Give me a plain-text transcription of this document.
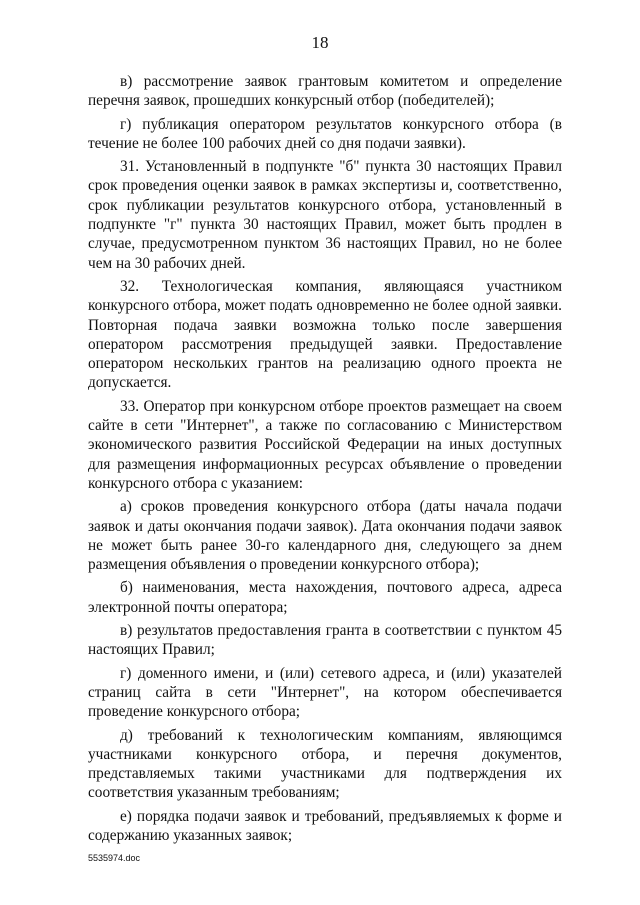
18

в) рассмотрение заявок грантовым комитетом и определение перечня заявок, прошедших конкурсный отбор (победителей);

г) публикация оператором результатов конкурсного отбора (в течение не более 100 рабочих дней со дня подачи заявки).

31. Установленный в подпункте "б" пункта 30 настоящих Правил срок проведения оценки заявок в рамках экспертизы и, соответственно, срок публикации результатов конкурсного отбора, установленный в подпункте "г" пункта 30 настоящих Правил, может быть продлен в случае, предусмотренном пунктом 36 настоящих Правил, но не более чем на 30 рабочих дней.

32. Технологическая компания, являющаяся участником конкурсного отбора, может подать одновременно не более одной заявки. Повторная подача заявки возможна только после завершения оператором рассмотрения предыдущей заявки. Предоставление оператором нескольких грантов на реализацию одного проекта не допускается.

33. Оператор при конкурсном отборе проектов размещает на своем сайте в сети "Интернет", а также по согласованию с Министерством экономического развития Российской Федерации на иных доступных для размещения информационных ресурсах объявление о проведении конкурсного отбора с указанием:

а) сроков проведения конкурсного отбора (даты начала подачи заявок и даты окончания подачи заявок). Дата окончания подачи заявок не может быть ранее 30-го календарного дня, следующего за днем размещения объявления о проведении конкурсного отбора);

б) наименования, места нахождения, почтового адреса, адреса электронной почты оператора;

в) результатов предоставления гранта в соответствии с пунктом 45 настоящих Правил;

г) доменного имени, и (или) сетевого адреса, и (или) указателей страниц сайта в сети "Интернет", на котором обеспечивается проведение конкурсного отбора;

д) требований к технологическим компаниям, являющимся участниками конкурсного отбора, и перечня документов, представляемых такими участниками для подтверждения их соответствия указанным требованиям;

е) порядка подачи заявок и требований, предъявляемых к форме и содержанию указанных заявок;

5535974.doc
